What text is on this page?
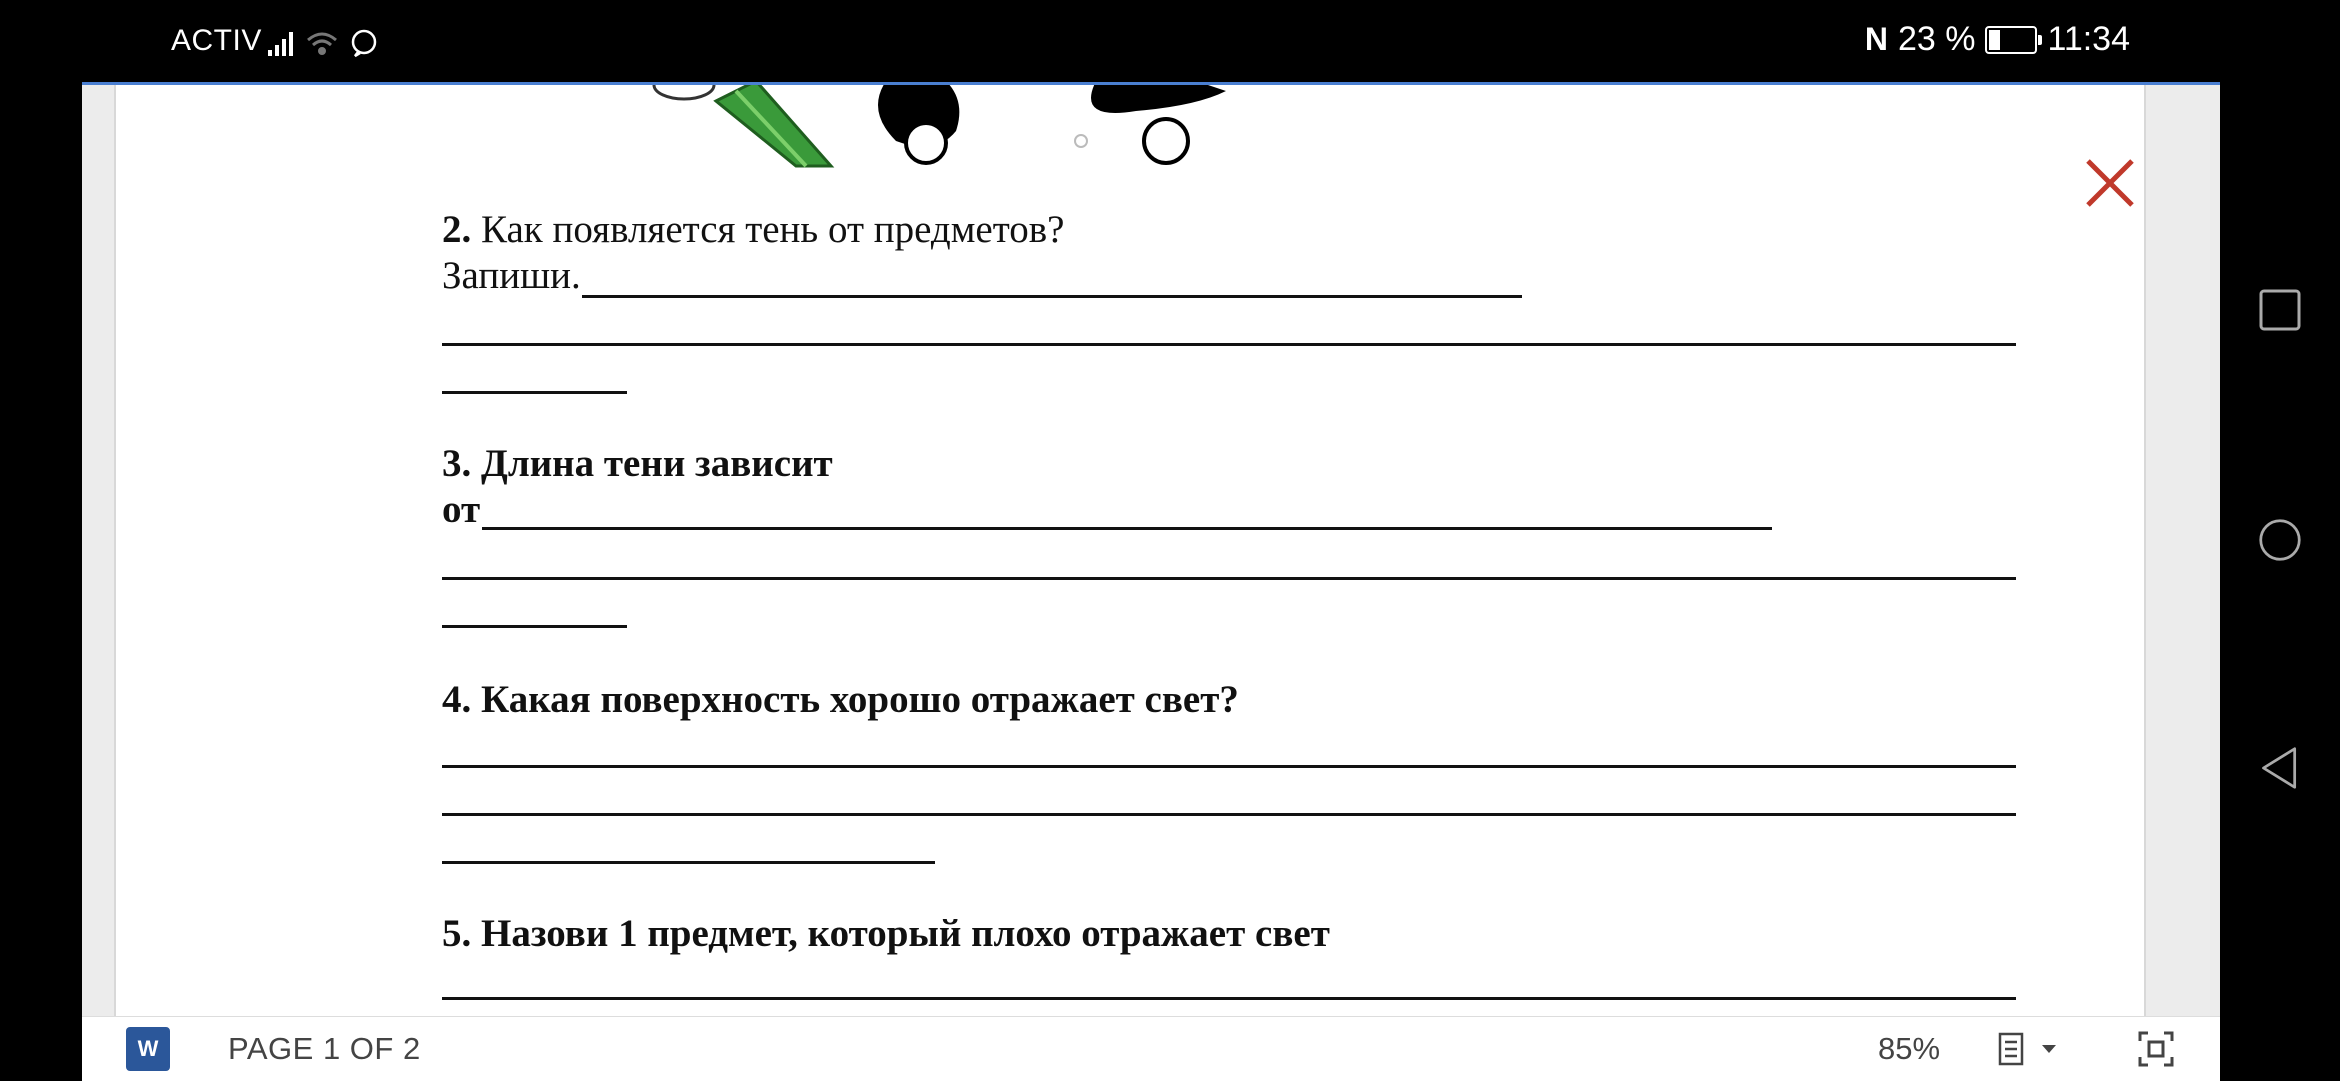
ACTIV	N 23 % 11:34
2. Как появляется тень от предметов?
Запиши.
3. Длина тени зависит
от
4. Какая поверхность хорошо отражает свет?
5. Назови 1 предмет, который плохо отражает свет
W	PAGE 1 OF 2	85%
